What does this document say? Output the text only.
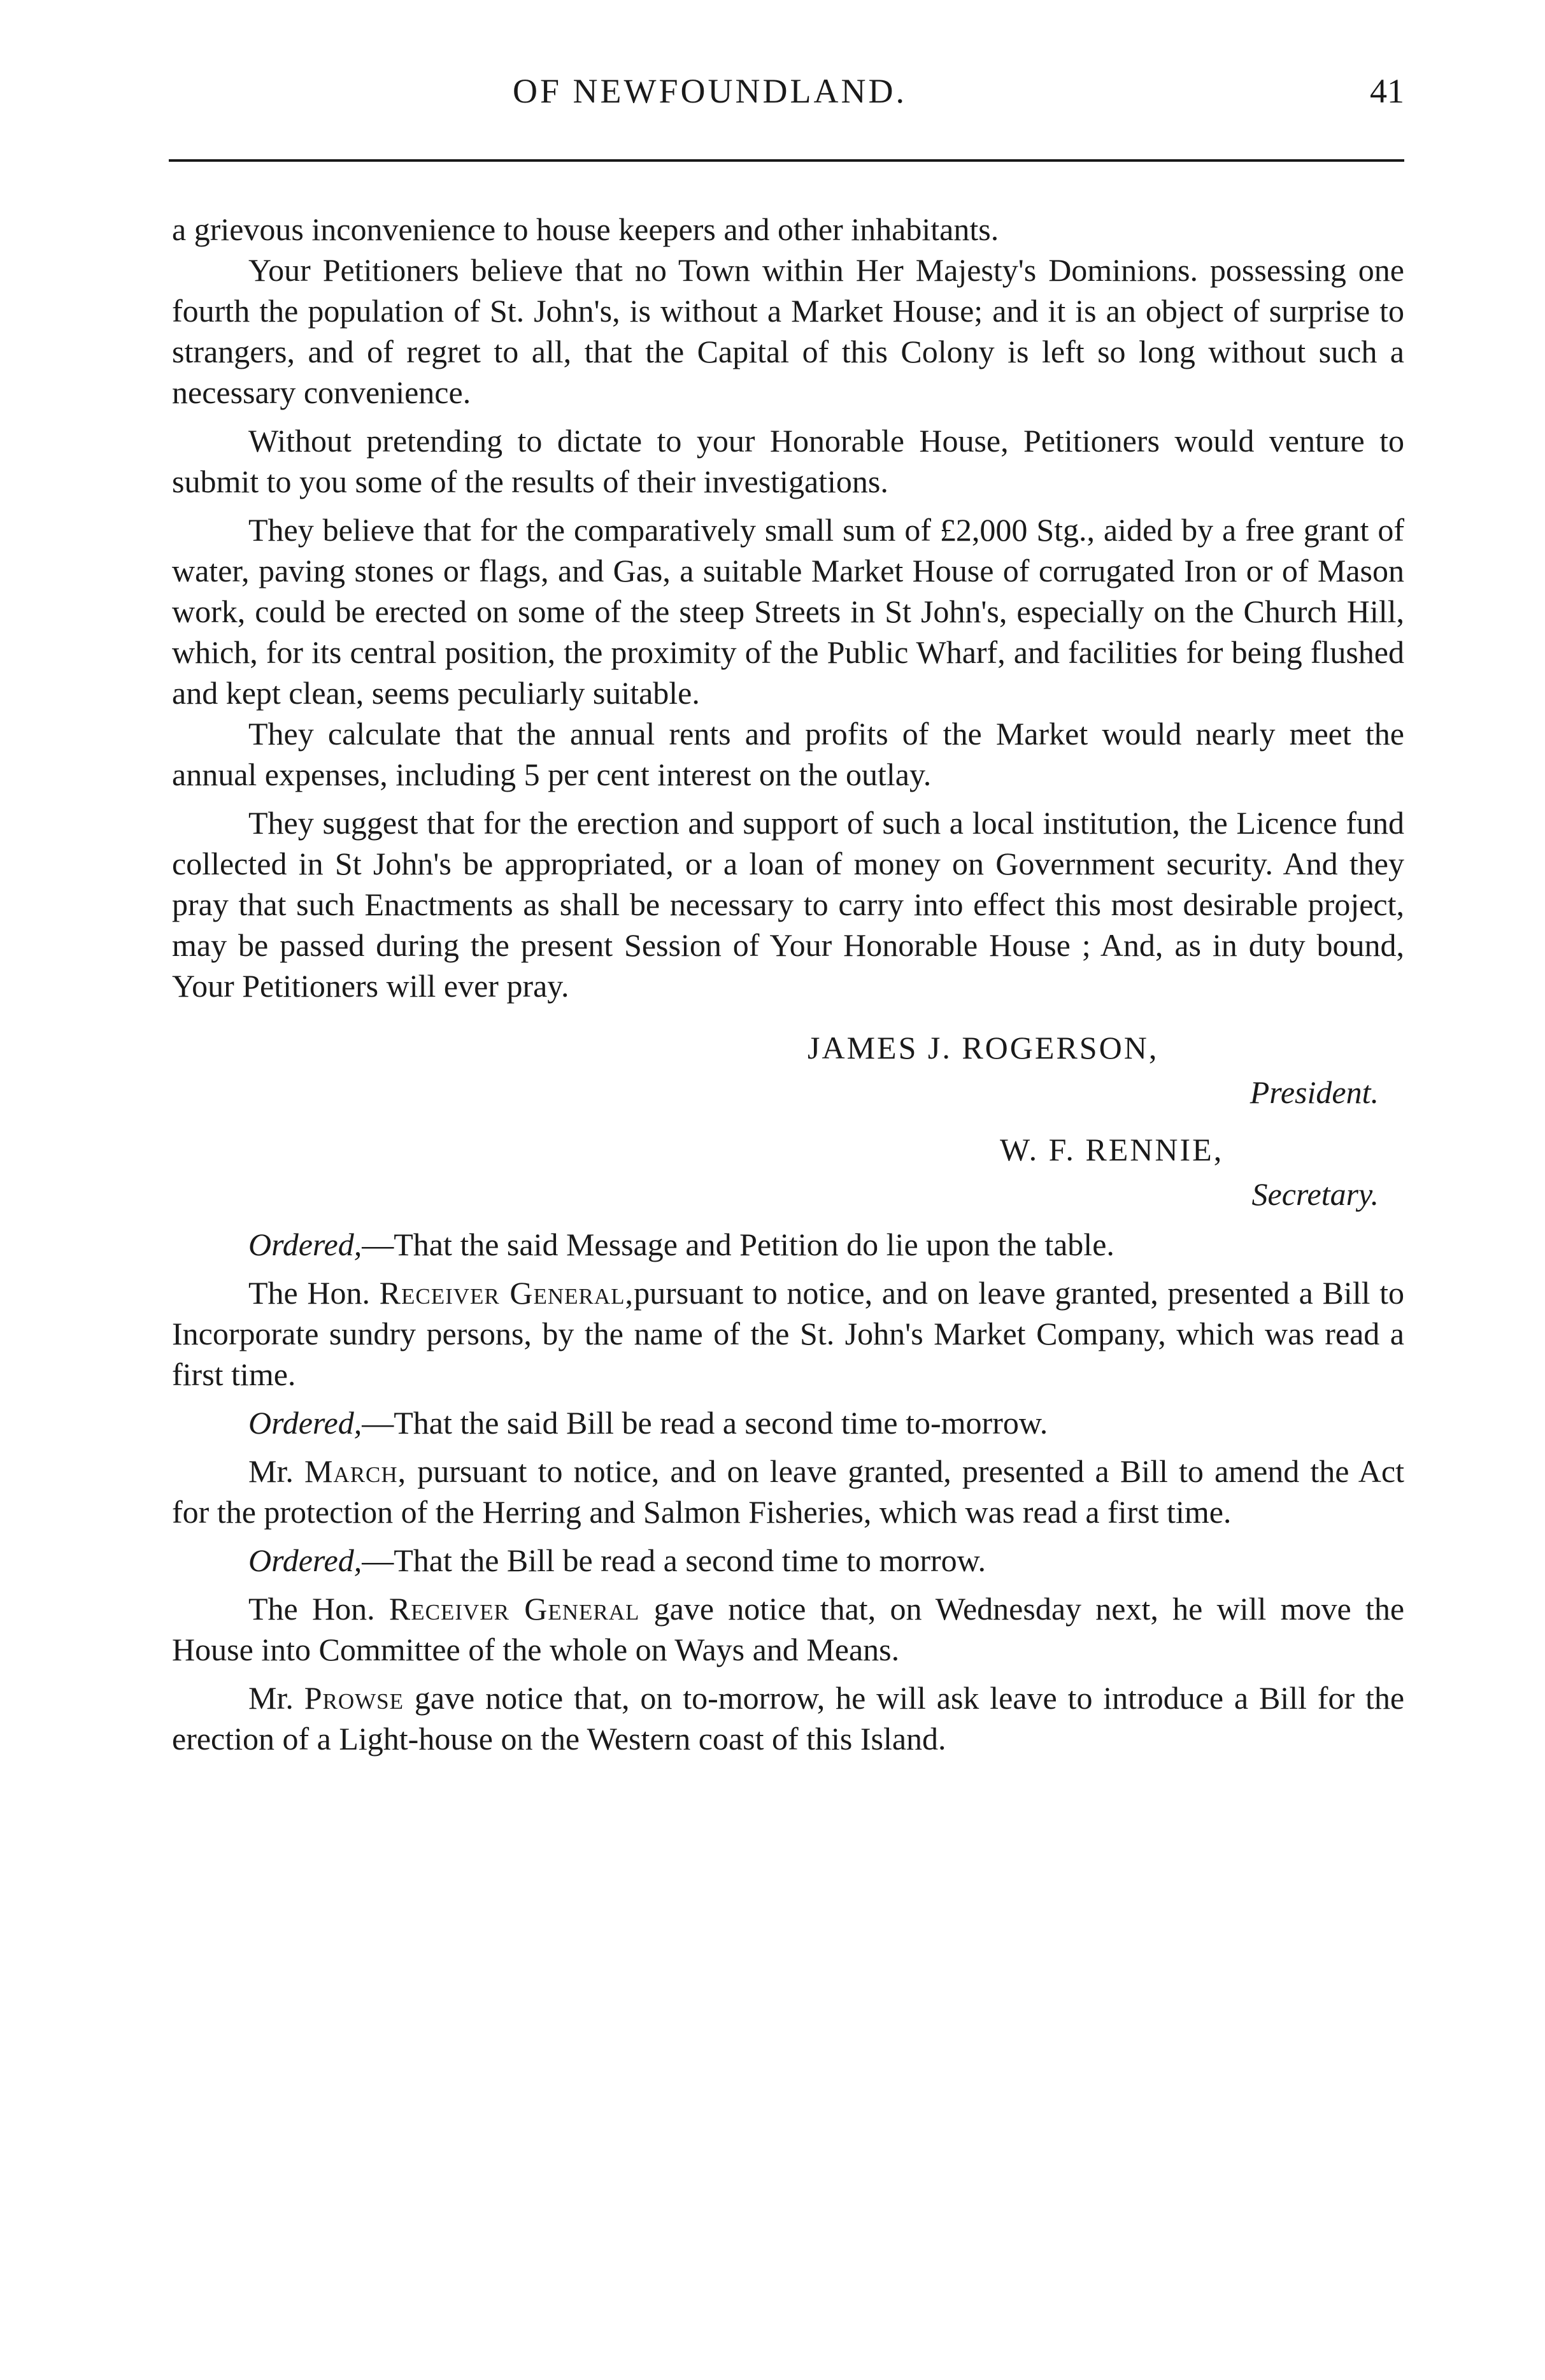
OF NEWFOUNDLAND.	41

a grievous inconvenience to house keepers and other inhabitants.

Your Petitioners believe that no Town within Her Majesty's Dominions. possessing one fourth the population of St. John's, is without a Market House; and it is an object of surprise to strangers, and of regret to all, that the Capital of this Colony is left so long without such a necessary convenience.

Without pretending to dictate to your Honorable House, Petitioners would venture to submit to you some of the results of their investigations.

They believe that for the comparatively small sum of £2,000 Stg., aided by a free grant of water, paving stones or flags, and Gas, a suitable Market House of corrugated Iron or of Mason work, could be erected on some of the steep Streets in St John's, especially on the Church Hill, which, for its central position, the proximity of the Public Wharf, and facilities for being flushed and kept clean, seems peculiarly suitable.

They calculate that the annual rents and profits of the Market would nearly meet the annual expenses, including 5 per cent interest on the outlay.

They suggest that for the erection and support of such a local institution, the Licence fund collected in St John's be appropriated, or a loan of money on Government security. And they pray that such Enactments as shall be necessary to carry into effect this most desirable project, may be passed during the present Session of Your Honorable House ; And, as in duty bound, Your Petitioners will ever pray.

JAMES J. ROGERSON,
President.
W. F. RENNIE,
Secretary.

Ordered,—That the said Message and Petition do lie upon the table.

The Hon. Receiver General,pursuant to notice, and on leave granted, presented a Bill to Incorporate sundry persons, by the name of the St. John's Market Company, which was read a first time.

Ordered,—That the said Bill be read a second time to-morrow.

Mr. March, pursuant to notice, and on leave granted, presented a Bill to amend the Act for the protection of the Herring and Salmon Fisheries, which was read a first time.

Ordered,—That the Bill be read a second time to morrow.

The Hon. Receiver General gave notice that, on Wednesday next, he will move the House into Committee of the whole on Ways and Means.

Mr. Prowse gave notice that, on to-morrow, he will ask leave to introduce a Bill for the erection of a Light-house on the Western coast of this Island.
